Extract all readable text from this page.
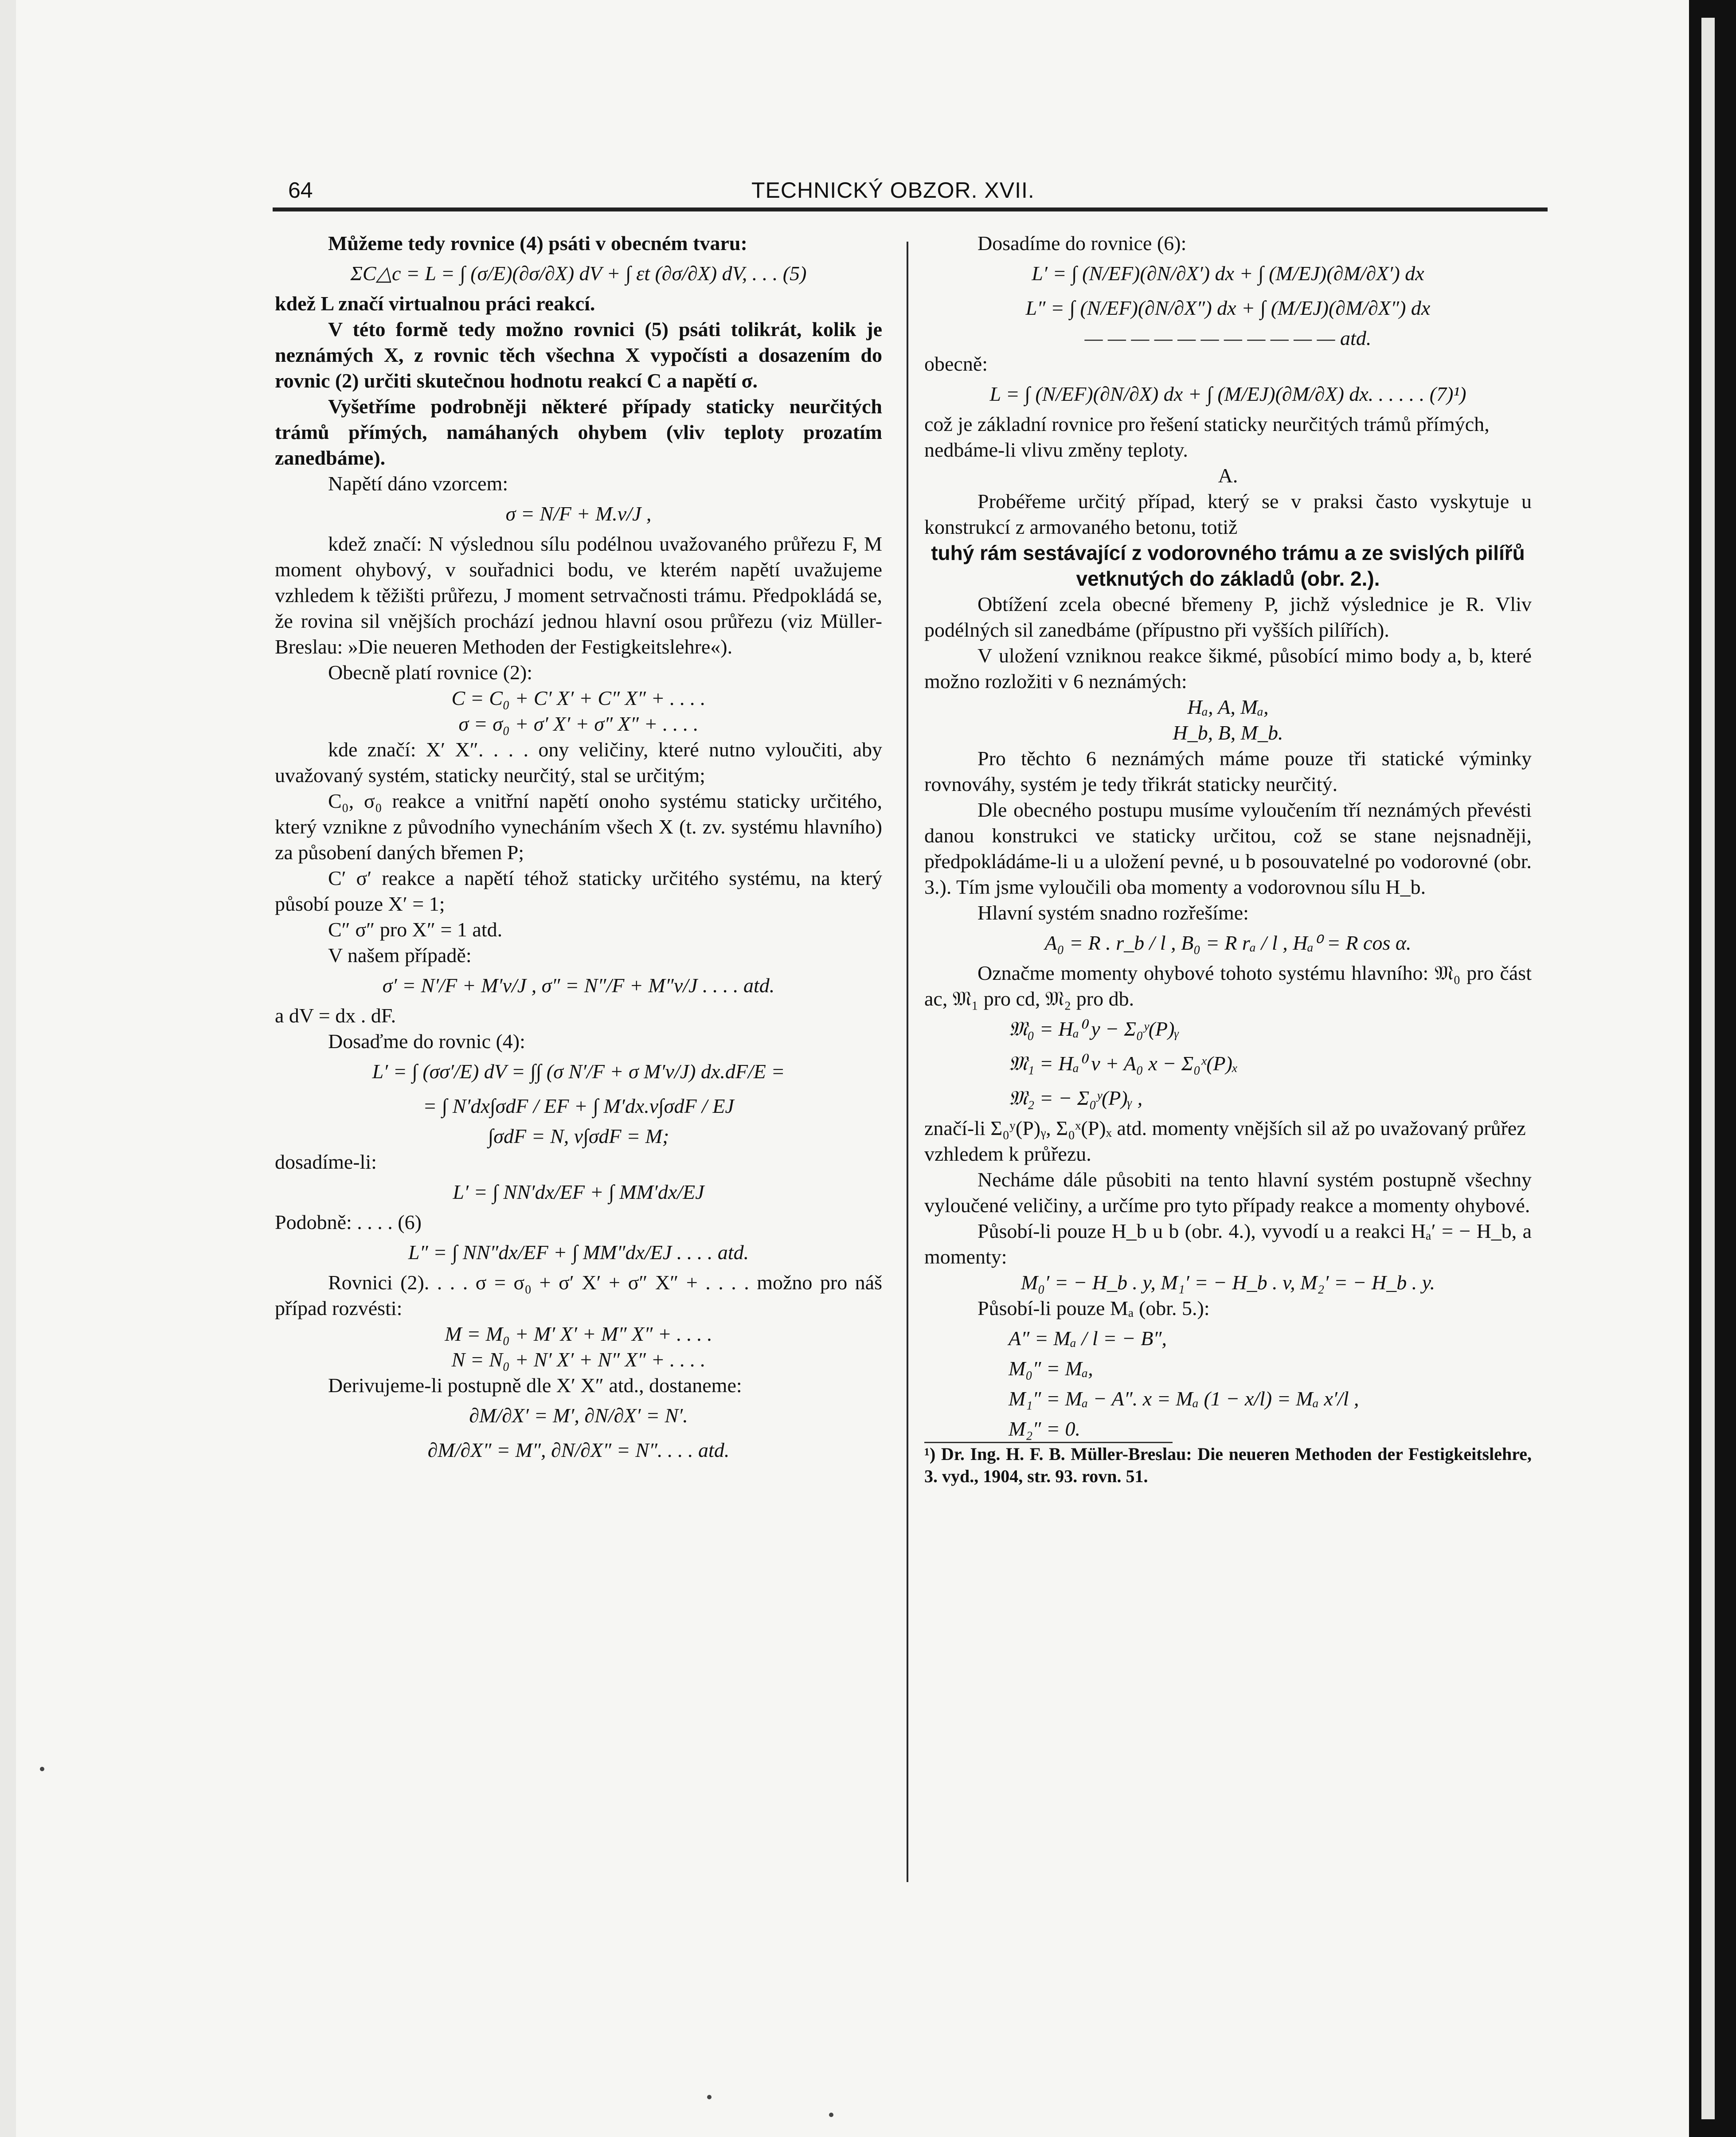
64	TECHNICKÝ OBZOR. XVII.
Můžeme tedy rovnice (4) psáti v obecném tvaru:
ΣC△c = L = ∫ (σ/E)(∂σ/∂X) dV + ∫ εt (∂σ/∂X) dV, . . . (5)
kdež L značí virtualnou práci reakcí.
V této formě tedy možno rovnici (5) psáti tolikrát, kolik je neznámých X, z rovnic těch všechna X vypočísti a dosazením do rovnic (2) určiti skutečnou hodnotu reakcí C a napětí σ.
Vyšetříme podrobněji některé případy staticky neurčitých trámů přímých, namáhaných ohybem (vliv teploty prozatím zanedbáme).
Napětí dáno vzorcem:
σ = N/F + M.v/J ,
kdež značí: N výslednou sílu podélnou uvažovaného průřezu F, M moment ohybový, v souřadnici bodu, ve kterém napětí uvažujeme vzhledem k těžišti průřezu, J moment setrvačnosti trámu. Předpokládá se, že rovina sil vnějších prochází jednou hlavní osou průřezu (viz Müller-Breslau: »Die neueren Methoden der Festigkeitslehre«).
Obecně platí rovnice (2):
C = C₀ + C′ X′ + C″ X″ + . . . .
σ = σ₀ + σ′ X′ + σ″ X″ + . . . .
kde značí: X′ X″. . . . ony veličiny, které nutno vyloučiti, aby uvažovaný systém, staticky neurčitý, stal se určitým;
C₀, σ₀ reakce a vnitřní napětí onoho systému staticky určitého, který vznikne z původního vynecháním všech X (t. zv. systému hlavního) za působení daných břemen P;
C′ σ′ reakce a napětí téhož staticky určitého systému, na který působí pouze X′ = 1;
C″ σ″ pro X″ = 1 atd.
V našem případě:
σ′ = N′/F + M′v/J , σ″ = N″/F + M″v/J . . . . atd.
a dV = dx . dF.
Dosaďme do rovnic (4):
L′ = ∫ (σσ′/E) dV = ∫∫ (σ N′/F + σ M′v/J) dx.dF/E =
= ∫ N′dx∫σdF / EF + ∫ M′dx.v∫σdF / EJ
∫σdF = N, v∫σdF = M;
dosadíme-li:
L′ = ∫ NN′dx/EF + ∫ MM′dx/EJ
Podobně: . . . . (6)
L″ = ∫ NN″dx/EF + ∫ MM″dx/EJ . . . . atd.
Rovnici (2). . . . σ = σ₀ + σ′ X′ + σ″ X″ + . . . . možno pro náš případ rozvésti:
M = M₀ + M′ X′ + M″ X″ + . . . .
N = N₀ + N′ X′ + N″ X″ + . . . .
Derivujeme-li postupně dle X′ X″ atd., dostaneme:
∂M/∂X′ = M′, ∂N/∂X′ = N′.
∂M/∂X″ = M″, ∂N/∂X″ = N″. . . . atd.
Dosadíme do rovnice (6):
L′ = ∫ (N/EF)(∂N/∂X′) dx + ∫ (M/EJ)(∂M/∂X′) dx
L″ = ∫ (N/EF)(∂N/∂X″) dx + ∫ (M/EJ)(∂M/∂X″) dx
— — — — — — — — — — — atd.
obecně:
L = ∫ (N/EF)(∂N/∂X) dx + ∫ (M/EJ)(∂M/∂X) dx. . . . . . (7)¹)
což je základní rovnice pro řešení staticky neurčitých trámů přímých, nedbáme-li vlivu změny teploty.
A.
Probéřeme určitý případ, který se v praksi často vyskytuje u konstrukcí z armovaného betonu, totiž
tuhý rám sestávající z vodorovného trámu a ze svislých pilířů vetknutých do základů (obr. 2.).
Obtížení zcela obecné břemeny P, jichž výslednice je R. Vliv podélných sil zanedbáme (přípustno při vyšších pilířích).
V uložení vzniknou reakce šikmé, působící mimo body a, b, které možno rozložiti v 6 neznámých:
Hₐ, A, Mₐ,
H_b, B, M_b.
Pro těchto 6 neznámých máme pouze tři statické výminky rovnováhy, systém je tedy třikrát staticky neurčitý.
Dle obecného postupu musíme vyloučením tří neznámých převésti danou konstrukci ve staticky určitou, což se stane nejsnadněji, předpokládáme-li u a uložení pevné, u b posouvatelné po vodorovné (obr. 3.). Tím jsme vyloučili oba momenty a vodorovnou sílu H_b.
Hlavní systém snadno rozřešíme:
A₀ = R . r_b / l , B₀ = R rₐ / l , Hₐ⁰ = R cos α.
Označme momenty ohybové tohoto systému hlavního: 𝔐₀ pro část ac, 𝔐₁ pro cd, 𝔐₂ pro db.
𝔐₀ = Hₐ⁰ y − Σ₀ʸ(P)ᵧ
𝔐₁ = Hₐ⁰ v + A₀ x − Σ₀ˣ(P)ₓ
𝔐₂ = − Σ₀ʸ(P)ᵧ ,
značí-li Σ₀ʸ(P)ᵧ, Σ₀ˣ(P)ₓ atd. momenty vnějších sil až po uvažovaný průřez vzhledem k průřezu.
Necháme dále působiti na tento hlavní systém postupně všechny vyloučené veličiny, a určíme pro tyto případy reakce a momenty ohybové.
Působí-li pouze H_b u b (obr. 4.), vyvodí u a reakci Hₐ′ = − H_b, a momenty:
M₀′ = − H_b . y, M₁′ = − H_b . v, M₂′ = − H_b . y.
Působí-li pouze Mₐ (obr. 5.):
A″ = Mₐ / l = − B″,
M₀″ = Mₐ,
M₁″ = Mₐ − A″. x = Mₐ (1 − x/l) = Mₐ x′/l ,
M₂″ = 0.
¹) Dr. Ing. H. F. B. Müller-Breslau: Die neueren Methoden der Festigkeitslehre, 3. vyd., 1904, str. 93. rovn. 51.
